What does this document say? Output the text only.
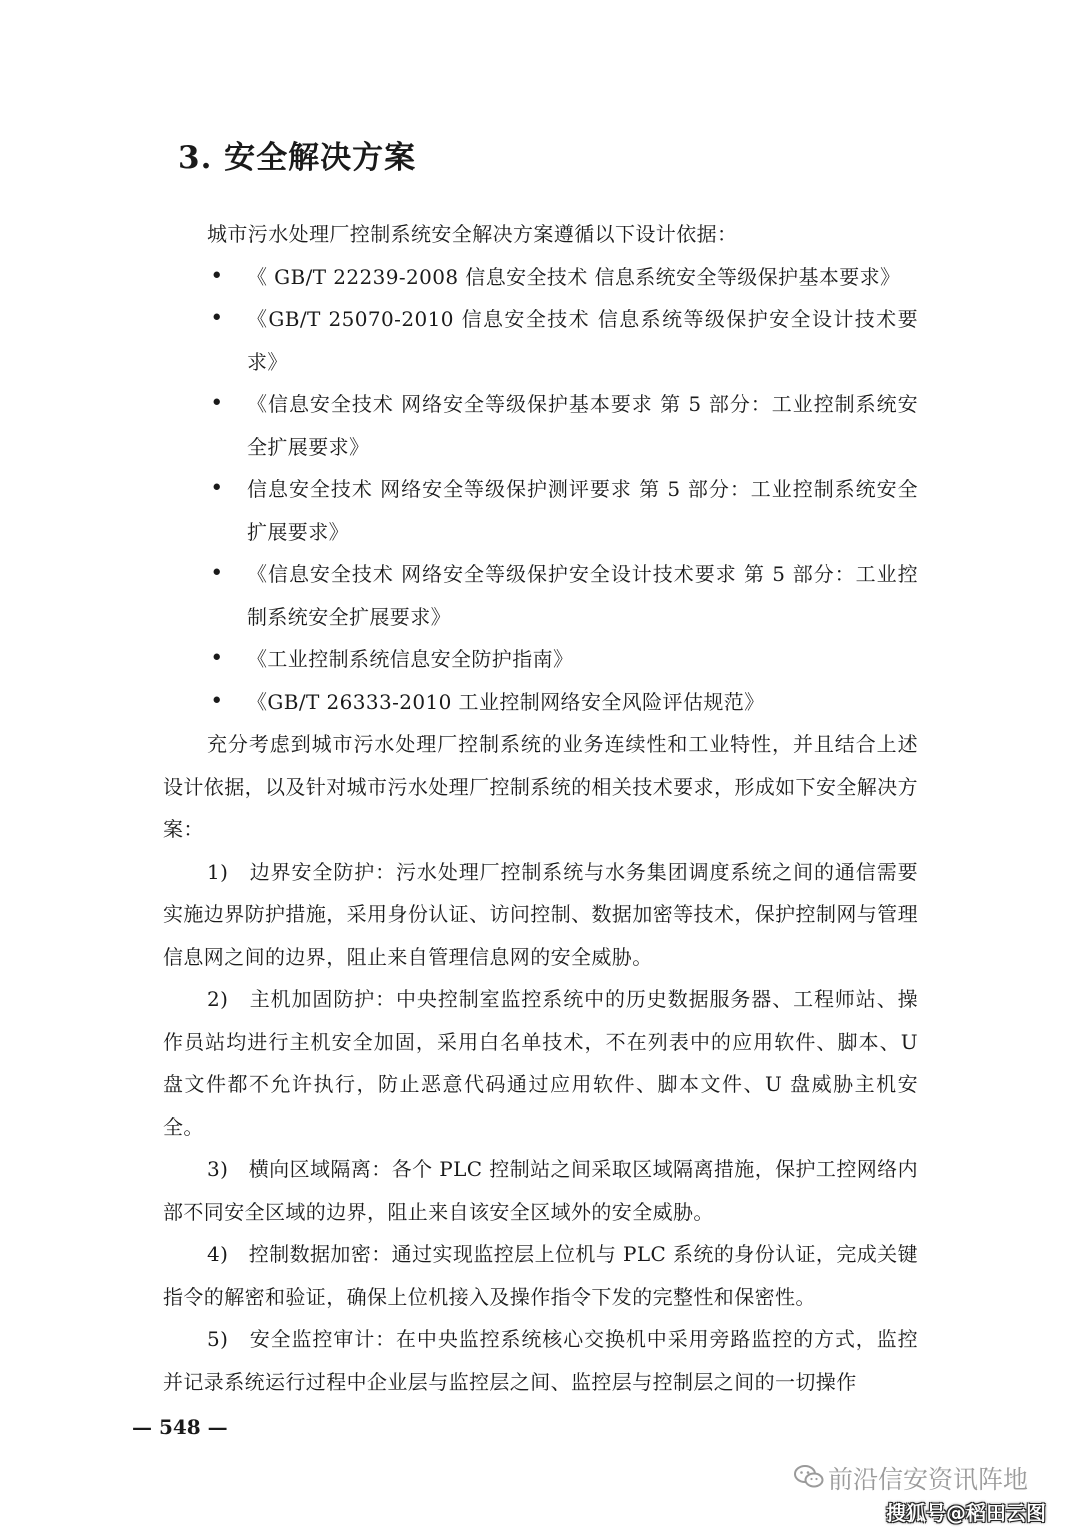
3. 安全解决方案

城市污水处理厂控制系统安全解决方案遵循以下设计依据：

• 《 GB/T 22239-2008 信息安全技术 信息系统安全等级保护基本要求》
• 《GB/T 25070-2010 信息安全技术 信息系统等级保护安全设计技术要求》
• 《信息安全技术 网络安全等级保护基本要求 第 5 部分：工业控制系统安全扩展要求》
• 信息安全技术 网络安全等级保护测评要求 第 5 部分：工业控制系统安全扩展要求》
• 《信息安全技术 网络安全等级保护安全设计技术要求 第 5 部分：工业控制系统安全扩展要求》
• 《工业控制系统信息安全防护指南》
• 《GB/T 26333-2010 工业控制网络安全风险评估规范》

充分考虑到城市污水处理厂控制系统的业务连续性和工业特性，并且结合上述设计依据，以及针对城市污水处理厂控制系统的相关技术要求，形成如下安全解决方案：

1)　边界安全防护：污水处理厂控制系统与水务集团调度系统之间的通信需要实施边界防护措施，采用身份认证、访问控制、数据加密等技术，保护控制网与管理信息网之间的边界，阻止来自管理信息网的安全威胁。

2)　主机加固防护：中央控制室监控系统中的历史数据服务器、工程师站、操作员站均进行主机安全加固，采用白名单技术，不在列表中的应用软件、脚本、U 盘文件都不允许执行，防止恶意代码通过应用软件、脚本文件、U 盘威胁主机安全。

3)　横向区域隔离：各个 PLC 控制站之间采取区域隔离措施，保护工控网络内部不同安全区域的边界，阻止来自该安全区域外的安全威胁。

4)　控制数据加密：通过实现监控层上位机与 PLC 系统的身份认证，完成关键指令的解密和验证，确保上位机接入及操作指令下发的完整性和保密性。

5)　安全监控审计：在中央监控系统核心交换机中采用旁路监控的方式，监控并记录系统运行过程中企业层与监控层之间、监控层与控制层之间的一切操作

— 548 —
前沿信安资讯阵地
搜狐号@稻田云图
